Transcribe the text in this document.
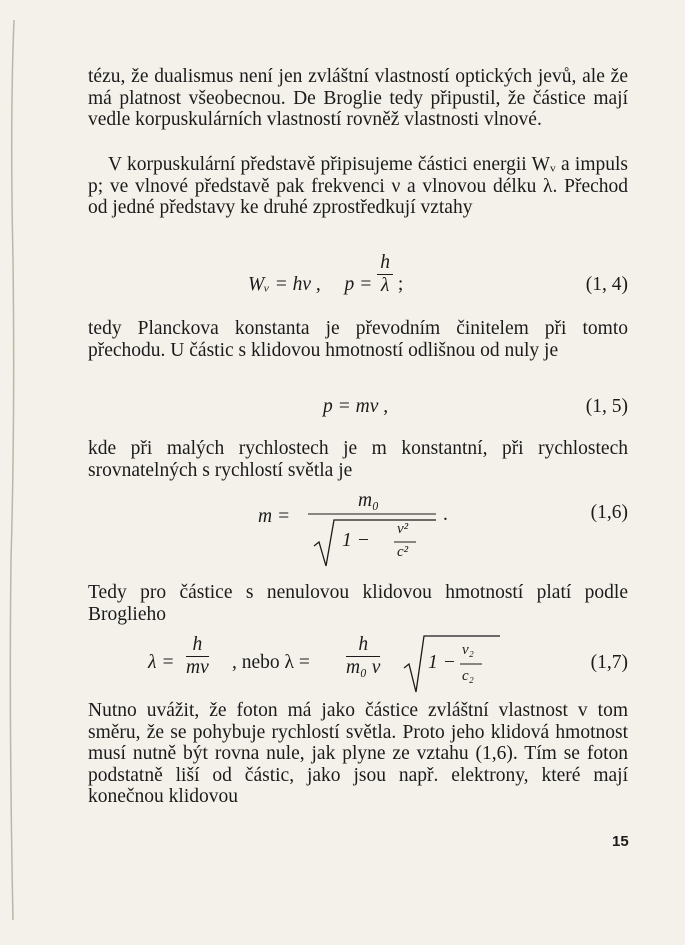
tézu, že dualismus není jen zvláštní vlastností optických jevů, ale že má platnost všeobecnou. De Broglie tedy připustil, že částice mají vedle korpuskulárních vlastností rovněž vlastnosti vlnové.

V korpuskulární představě připisujeme částici energii Wᵥ a impuls p; ve vlnové představě pak frekvenci ν a vlnovou délku λ. Přechod od jedné představy ke druhé zprostředkují vztahy

Wᵥ = hν , $p = \frac{h}{\lambda}$ ;	(1, 4)

tedy Planckova konstanta je převodním činitelem při tomto přechodu. U částic s klidovou hmotností odlišnou od nuly je

p = mv ,	(1, 5)

kde při malých rychlostech je m konstantní, při rychlostech srovnatelných s rychlostí světla je

m =
m₀
1 −
v²
c²
.	(1,6)

Tedy pro částice s nenulovou klidovou hmotností platí podle Broglieho

$\lambda = \frac{h}{mv}$ , nebo $\lambda = \frac{h}{\text{m₀ v}} 1$ −
v₂
c₂
(1,7)

Nutno uvážit, že foton má jako částice zvláštní vlastnost v tom směru, že se pohybuje rychlostí světla. Proto jeho klidová hmotnost musí nutně být rovna nule, jak plyne ze vztahu (1,6). Tím se foton podstatně liší od částic, jako jsou např. elektrony, které mají konečnou klidovou

15
